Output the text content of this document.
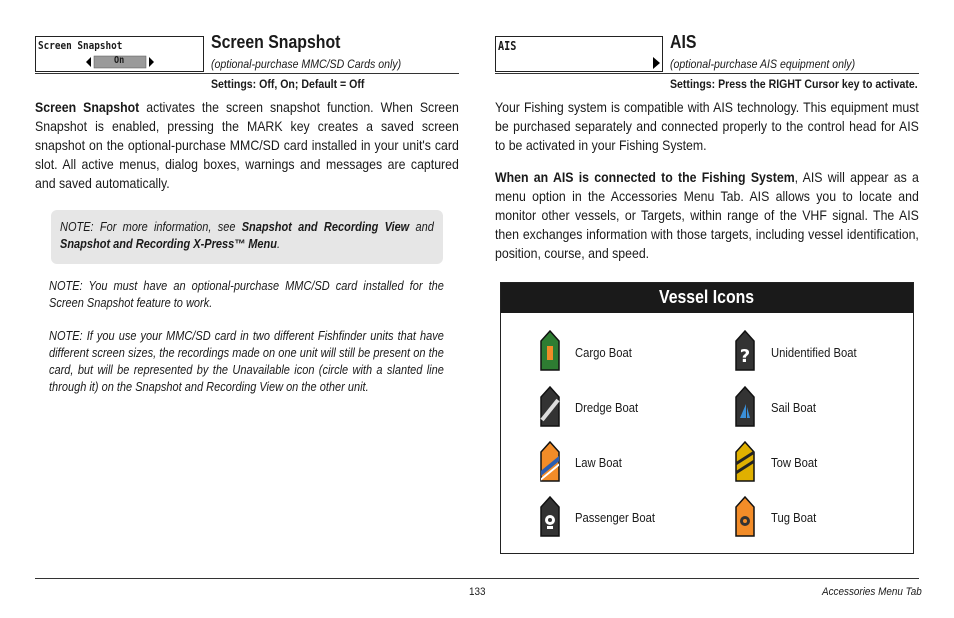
Screen Snapshot
On
Screen Snapshot
(optional-purchase MMC/SD Cards only)
Settings: Off, On; Default = Off
Screen Snapshot activates the screen snapshot function. When Screen Snapshot is enabled, pressing the MARK key creates a saved screen snapshot on the optional-purchase MMC/SD card installed in your unit's card slot. All active menus, dialog boxes, warnings and messages are captured and saved automatically.
NOTE: For more information, see Snapshot and Recording View and Snapshot and Recording X-Press™ Menu.
NOTE: You must have an optional-purchase MMC/SD card installed for the Screen Snapshot feature to work.
NOTE: If you use your MMC/SD card in two different Fishfinder units that have different screen sizes, the recordings made on one unit will still be present on the card, but will be represented by the Unavailable icon (circle with a slanted line through it) on the Snapshot and Recording View on the other unit.
AIS	AIS
(optional-purchase AIS equipment only)
Settings: Press the RIGHT Cursor key to activate.
Your Fishing system is compatible with AIS technology. This equipment must be purchased separately and connected properly to the control head for AIS to be activated in your Fishing System.
When an AIS is connected to the Fishing System, AIS will appear as a menu option in the Accessories Menu Tab. AIS allows you to locate and monitor other vessels, or Targets, within range of the VHF signal. The AIS then exchanges information with those targets, including vessel identification, position, course, and speed.
Vessel Icons
Cargo Boat	? Unidentified Boat
Dredge Boat	Sail Boat
Law Boat	Tow Boat
Passenger Boat	Tug Boat
133	Accessories Menu Tab
